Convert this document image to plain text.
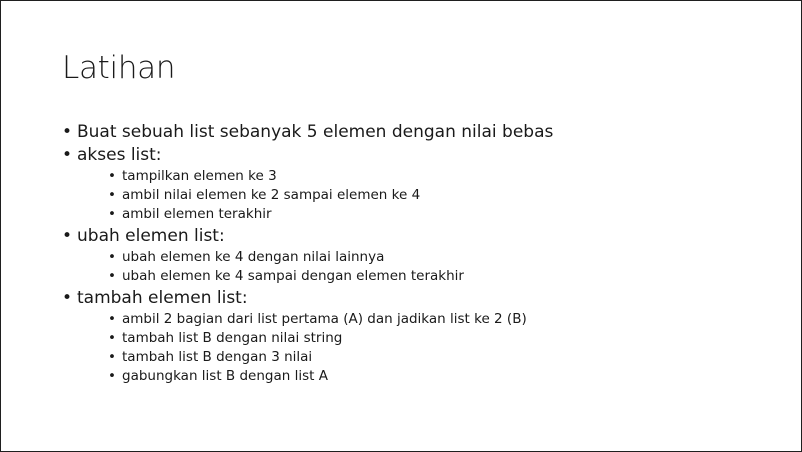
Latihan
• Buat sebuah list sebanyak 5 elemen dengan nilai bebas
• akses list:
• tampilkan elemen ke 3
• ambil nilai elemen ke 2 sampai elemen ke 4
• ambil elemen terakhir
• ubah elemen list:
• ubah elemen ke 4 dengan nilai lainnya
• ubah elemen ke 4 sampai dengan elemen terakhir
• tambah elemen list:
• ambil 2 bagian dari list pertama (A) dan jadikan list ke 2 (B)
• tambah list B dengan nilai string
• tambah list B dengan 3 nilai
• gabungkan list B dengan list A
